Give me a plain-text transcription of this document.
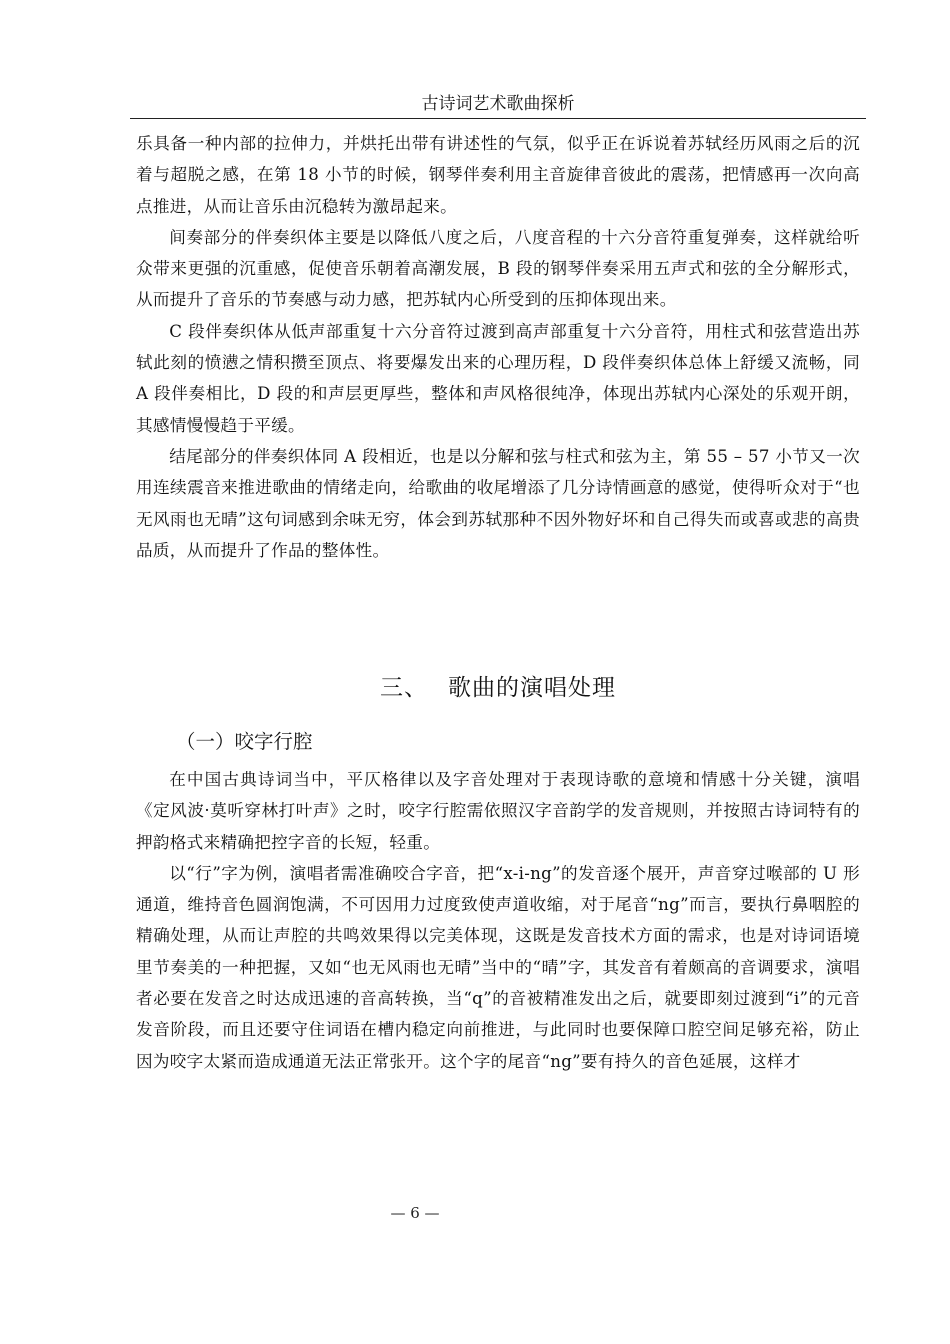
古诗词艺术歌曲探析

乐具备一种内部的拉伸力，并烘托出带有讲述性的气氛，似乎正在诉说着苏轼经历风雨之后的沉着与超脱之感，在第 18 小节的时候，钢琴伴奏利用主音旋律音彼此的震荡，把情感再一次向高点推进，从而让音乐由沉稳转为激昂起来。

间奏部分的伴奏织体主要是以降低八度之后，八度音程的十六分音符重复弹奏，这样就给听众带来更强的沉重感，促使音乐朝着高潮发展，B 段的钢琴伴奏采用五声式和弦的全分解形式，从而提升了音乐的节奏感与动力感，把苏轼内心所受到的压抑体现出来。

C 段伴奏织体从低声部重复十六分音符过渡到高声部重复十六分音符，用柱式和弦营造出苏轼此刻的愤懑之情积攒至顶点、将要爆发出来的心理历程，D 段伴奏织体总体上舒缓又流畅，同 A 段伴奏相比，D 段的和声层更厚些，整体和声风格很纯净，体现出苏轼内心深处的乐观开朗，其感情慢慢趋于平缓。

结尾部分的伴奏织体同 A 段相近，也是以分解和弦与柱式和弦为主，第 55 – 57 小节又一次用连续震音来推进歌曲的情绪走向，给歌曲的收尾增添了几分诗情画意的感觉，使得听众对于“也无风雨也无晴”这句词感到余味无穷，体会到苏轼那种不因外物好坏和自己得失而或喜或悲的高贵品质，从而提升了作品的整体性。

三、 歌曲的演唱处理
（一）咬字行腔

在中国古典诗词当中，平仄格律以及字音处理对于表现诗歌的意境和情感十分关键，演唱《定风波·莫听穿林打叶声》之时，咬字行腔需依照汉字音韵学的发音规则，并按照古诗词特有的押韵格式来精确把控字音的长短，轻重。

以“行”字为例，演唱者需准确咬合字音，把“x-i-ng”的发音逐个展开，声音穿过喉部的 U 形通道，维持音色圆润饱满，不可因用力过度致使声道收缩，对于尾音“ng”而言，要执行鼻咽腔的精确处理，从而让声腔的共鸣效果得以完美体现，这既是发音技术方面的需求，也是对诗词语境里节奏美的一种把握，又如“也无风雨也无晴”当中的“晴”字，其发音有着颇高的音调要求，演唱者必要在发音之时达成迅速的音高转换，当“q”的音被精准发出之后，就要即刻过渡到“i”的元音发音阶段，而且还要守住词语在槽内稳定向前推进，与此同时也要保障口腔空间足够充裕，防止因为咬字太紧而造成通道无法正常张开。这个字的尾音“ng”要有持久的音色延展，这样才

— 6 —
